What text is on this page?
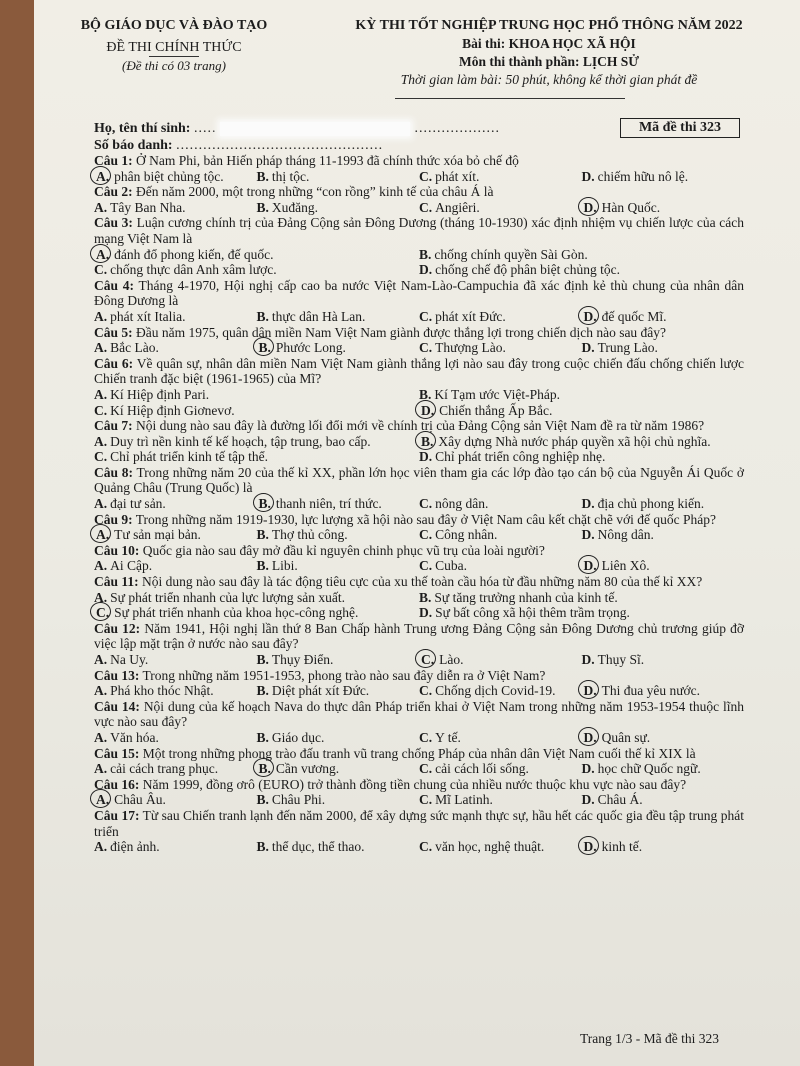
BỘ GIÁO DỤC VÀ ĐÀO TẠO
ĐỀ THI CHÍNH THỨC
(Đề thi có 03 trang)
KỲ THI TỐT NGHIỆP TRUNG HỌC PHỔ THÔNG NĂM 2022
Bài thi: KHOA HỌC XÃ HỘI
Môn thi thành phần: LỊCH SỬ
Thời gian làm bài: 50 phút, không kể thời gian phát đề
Họ, tên thí sinh: .....	...................
Số báo danh: ..............................................
Mã đề thi 323
Câu 1: Ở Nam Phi, bản Hiến pháp tháng 11-1993 đã chính thức xóa bỏ chế độ
A. phân biệt chủng tộc.	B. thị tộc.	C. phát xít.	D. chiếm hữu nô lệ.
Câu 2: Đến năm 2000, một trong những “con rồng” kinh tế của châu Á là
A. Tây Ban Nha.	B. Xuđăng.	C. Angiêri.	D. Hàn Quốc.
Câu 3: Luận cương chính trị của Đảng Cộng sản Đông Dương (tháng 10-1930) xác định nhiệm vụ chiến lược của cách mạng Việt Nam là
A. đánh đổ phong kiến, đế quốc.	B. chống chính quyền Sài Gòn.
C. chống thực dân Anh xâm lược.	D. chống chế độ phân biệt chủng tộc.
Câu 4: Tháng 4-1970, Hội nghị cấp cao ba nước Việt Nam-Lào-Campuchia đã xác định kẻ thù chung của nhân dân Đông Dương là
A. phát xít Italia.	B. thực dân Hà Lan.	C. phát xít Đức.	D. đế quốc Mĩ.
Câu 5: Đầu năm 1975, quân dân miền Nam Việt Nam giành được thắng lợi trong chiến dịch nào sau đây?
A. Bắc Lào.	B. Phước Long.	C. Thượng Lào.	D. Trung Lào.
Câu 6: Về quân sự, nhân dân miền Nam Việt Nam giành thắng lợi nào sau đây trong cuộc chiến đấu chống chiến lược Chiến tranh đặc biệt (1961-1965) của Mĩ?
A. Kí Hiệp định Pari.	B. Kí Tạm ước Việt-Pháp.
C. Kí Hiệp định Giơnevơ.	D. Chiến thắng Ấp Bắc.
Câu 7: Nội dung nào sau đây là đường lối đổi mới về chính trị của Đảng Cộng sản Việt Nam đề ra từ năm 1986?
A. Duy trì nền kinh tế kế hoạch, tập trung, bao cấp.	B. Xây dựng Nhà nước pháp quyền xã hội chủ nghĩa.
C. Chỉ phát triển kinh tế tập thể.	D. Chỉ phát triển công nghiệp nhẹ.
Câu 8: Trong những năm 20 của thế kỉ XX, phần lớn học viên tham gia các lớp đào tạo cán bộ của Nguyễn Ái Quốc ở Quảng Châu (Trung Quốc) là
A. đại tư sản.	B. thanh niên, trí thức.	C. nông dân.	D. địa chủ phong kiến.
Câu 9: Trong những năm 1919-1930, lực lượng xã hội nào sau đây ở Việt Nam câu kết chặt chẽ với đế quốc Pháp?
A. Tư sản mại bản.	B. Thợ thủ công.	C. Công nhân.	D. Nông dân.
Câu 10: Quốc gia nào sau đây mở đầu kỉ nguyên chinh phục vũ trụ của loài người?
A. Ai Cập.	B. Libi.	C. Cuba.	D. Liên Xô.
Câu 11: Nội dung nào sau đây là tác động tiêu cực của xu thế toàn cầu hóa từ đầu những năm 80 của thế kỉ XX?
A. Sự phát triển nhanh của lực lượng sản xuất.	B. Sự tăng trưởng nhanh của kinh tế.
C. Sự phát triển nhanh của khoa học-công nghệ.	D. Sự bất công xã hội thêm trầm trọng.
Câu 12: Năm 1941, Hội nghị lần thứ 8 Ban Chấp hành Trung ương Đảng Cộng sản Đông Dương chủ trương giúp đỡ việc lập mặt trận ở nước nào sau đây?
A. Na Uy.	B. Thụy Điển.	C. Lào.	D. Thụy Sĩ.
Câu 13: Trong những năm 1951-1953, phong trào nào sau đây diễn ra ở Việt Nam?
A. Phá kho thóc Nhật.	B. Diệt phát xít Đức.	C. Chống dịch Covid-19.	D. Thi đua yêu nước.
Câu 14: Nội dung của kế hoạch Nava do thực dân Pháp triển khai ở Việt Nam trong những năm 1953-1954 thuộc lĩnh vực nào sau đây?
A. Văn hóa.	B. Giáo dục.	C. Y tế.	D. Quân sự.
Câu 15: Một trong những phong trào đấu tranh vũ trang chống Pháp của nhân dân Việt Nam cuối thế kỉ XIX là
A. cải cách trang phục.	B. Cần vương.	C. cải cách lối sống.	D. học chữ Quốc ngữ.
Câu 16: Năm 1999, đồng ơrô (EURO) trở thành đồng tiền chung của nhiều nước thuộc khu vực nào sau đây?
A. Châu Âu.	B. Châu Phi.	C. Mĩ Latinh.	D. Châu Á.
Câu 17: Từ sau Chiến tranh lạnh đến năm 2000, để xây dựng sức mạnh thực sự, hầu hết các quốc gia đều tập trung phát triển
A. điện ảnh.	B. thể dục, thể thao.	C. văn học, nghệ thuật.	D. kinh tế.
Trang 1/3 - Mã đề thi 323
